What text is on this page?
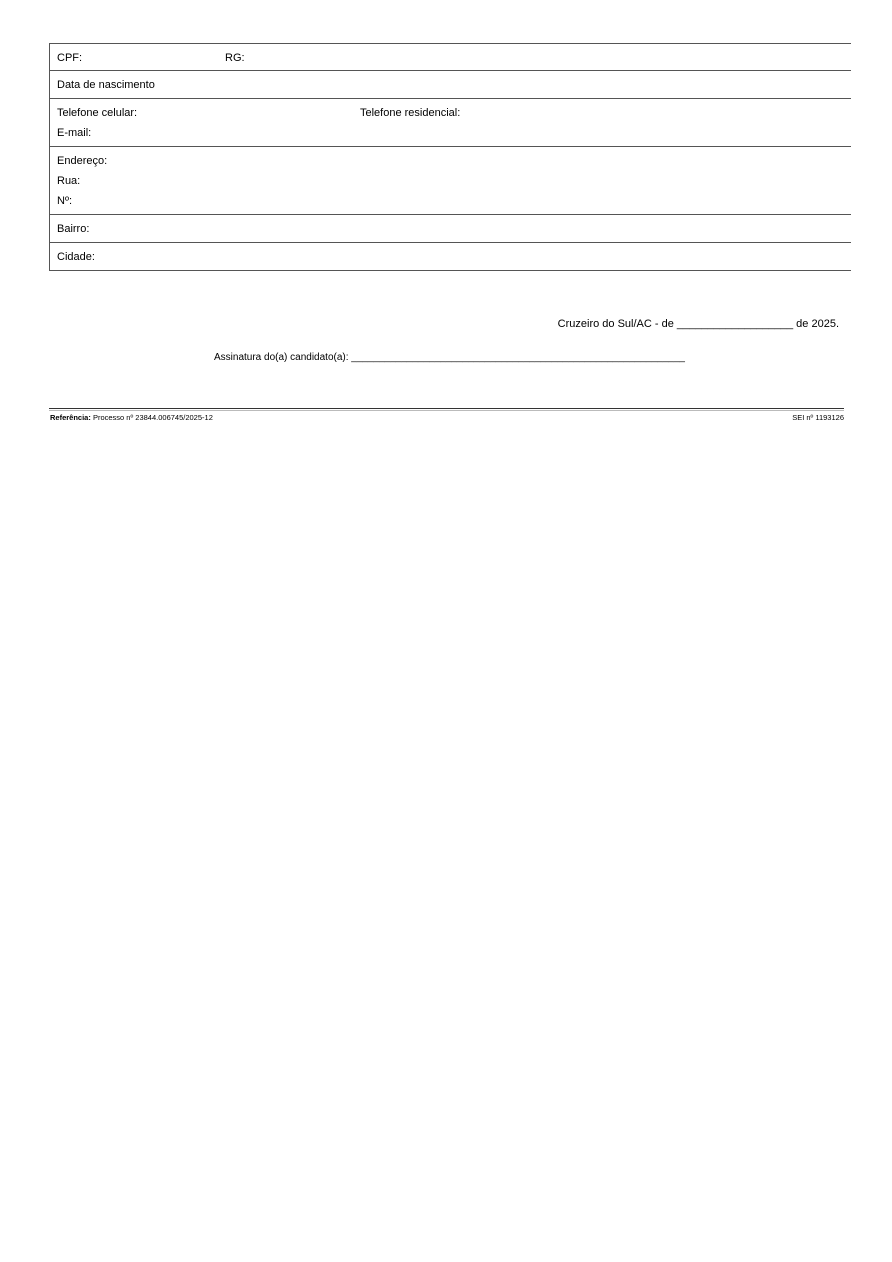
CPF:	RG:
Data de nascimento
Telefone celular:	Telefone residencial:
E-mail:
Endereço:
Rua:
Nº:
Bairro:
Cidade:
Cruzeiro do Sul/AC - de ___________________ de 2025.
Assinatura do(a) candidato(a): ____________________________________________________________
Referência: Processo nº 23844.006745/2025-12	SEI nº 1193126
